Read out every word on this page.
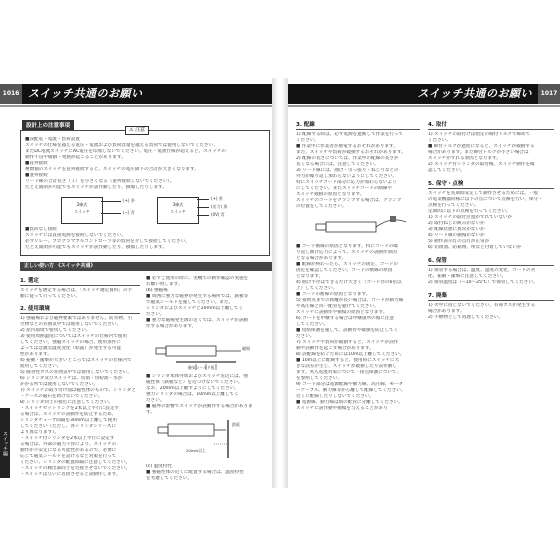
1016 スイッチ共通のお願い
スイッチ編
設計上の注意事項
⚠ 注意
■誤配電・電流・負荷設置
スイッチの仕様を越える電圧・電流および負荷容量を越える負荷では使用しないでください。
またDC電流スイッチにAC電圧を印加しないでください。電圧・電流仕様が超えると、スイッチの
動作不良や破損・発熱が起こることがあります。
■直列接続
複数個のスイッチを直列接続すると、スイッチの電圧降下の合計が大きくなります。
■並列接続
リード線の合計長さ（ミ）を小さくなる（並列接続しないでください）。
たとえ開閉が可能でもスイッチが誤作動したり、損傷したりします。
2線式
スイッチ
(+) 茶
(−) 青
3線式
スイッチ
(+) 茶
(出力) 黒
(0V) 青
■負荷なし接続
スイッチには直接電源を接続しないでください。
必ずリレー、プログラマブルコントローラ等の負荷を介して接続してください。
たとえ開閉が可能でもスイッチが誤作動したり、損傷したりします。
正しい使い方 《スイッチ共通》
1. 選定
スイッチを選定する場合は、「スイッチ選定資料」の手
順に従って行ってください。
2. 使用環境
1) 強磁場および磁界要素ではありません。防水物、引
火物などの雰囲気中では使用しないでください。
2) 屋内環境で使用してください。
3) 使用周囲温度についてはスイッチの仕様内で使用
してください。強磁スイッチの場合、使用条件に
よっては急激な温度変化（結露）が発生する可能
性があります。
4) 振動・衝撃が大きいところではスイッチの仕様内で
使用してください。
5) 腐食性ガスの雰囲気中では使用しないでください。
6) シリンダ及びスイッチは、切削・切粉油・水が
かかる所では使用しないでください。
7) スイッチの取り付け面は磁性体のもので、シリンダと
・ケースの磁石を妨げないでください。
8) シリンダ同士の接近に注意してください。
・スイッチセットリングを2本以上平行に設定す
る場合は、スイッチの誤動作を防止するため、
シリンダチューブ間隔を30mm以上離して使用
してください（ただし、各シリンダシリーズに
より異なります）。
・スイッチ付シリンダを2本以上平行に設定す
る場合は、外部の磁力干渉により、スイッチの
動作が不安定になる可能性があるので、必要に
応じて磁気シールドを設けるなど対策を行って
ください。シリンダの配置間隔に注意してください。
・スイッチの検出部同士を近接させないでください。
・スイッチは互いに近接させると誤動作します。
■ 必ずご使用の際に、実機での動作確認の実施を
お願い致します。
(b) 強磁場
■ 周囲に強力な磁界が発生する場所では、鉄板等
で磁気シールドを施してください。また、
シリンダおよびスイッチと20mm以上離してく
ださい。
■ 強力な磁場発生源の近くでは、スイッチが誤動
作する場合があります。
磁場
磁気シールド板
■ シリンダ本体外周およびスイッチ近辺には、強
磁性体（鉄板など）を近づけないでください。
なお、20mm以上離すようにしてください。
強力シリンダの場合は、10mm以上離してく
ださい。
■ 磁界の影響でスイッチが誤動作する場合がありま
す。
鉄板
20mm以上
(c) 温度特性
■ 強磁性体の近くに配置する場合は、温度特性
を考慮してください。
スイッチ共通のお願い	1017
3. 配線
1) 配線する時は、必ず電源を遮断して作業を行って
ください。
■ 作業中に作業者が感電するおそれがあります。
また、スイッチや負荷が破損するおそれがあります。
2) 配線の長さについては、作業中の配線の長さが
長くなる場合には、注意してください。
3) リード線には、曲げ・引っ張り・ねじりなどの
外力が繰り返し加わらないようにしてください。
特にスイッチコード部分に応力が加わらないよう
にしてください。またスイッチコードの断線や
スイッチ破損の原因となります。
スイッチのコードをクランプする場合は、クランプ
の位置をしてください。
■ コード断線の原因となります。特にコードの繰
り返し曲げ応力によって、スイッチの誤動作原因
となる場合があります。
■ 配線が終わったら、スイッチの固定、コードの
固定を確認してください。コードの断線の原因
となります。
4) 曲げ半径はできるだけ大きく（コード径の6倍以
上）してください。
■ コードの断線の原因となります。
5) 接続先までの距離が長い場合は、コードが動力線
や高圧線と同一配管を避けてください。
スイッチに誤動作や損傷の原因となります。
6) コードを中継する場合は中継箇所の傷に注意
してください。
■ 短絡保護を施して、誤動作や破損を防止してく
ださい。
7) スイッチや負荷が破損すると、スイッチが誤作
動や誤動作を起こす場合があります。
8) 誤配線を防ぐためには10m以上離してください。
■ 10m以上に配線すると、使用時にスイッチに大
きな誤差が生じ、スイッチが破損したり誤作動し
ます。突入電流対策について「接点保護について」
を参照してください。
9) コード部分は電源配線や動力線、高圧線、モータ
ーケーブル、動力線等から離して配線してください。
近くに配線したりしないでください。
■ 電源線、動力線は別の配管に分離してください。
スイッチに誤作動や損傷を与えることがあり
4. 取付
1) スイッチの取付けは指定の締付トルクで締めて
ください。
■ 締付トルクが過度になると、スイッチが破損する
場合があります。また締付トルクが小さい場合は
スイッチがずれる原因となります。
2) スイッチ付シリンダの取付後、スイッチ動作を確
認してください。
5. 保守・点検
スイッチを長期間安定して動作させるためには、一般
の電気機器同様に以下の点について点検を行い、保守・
点検を行ってください。
定期的に以下の点検を行ってください。
1) スイッチの取付位置がずれていないか
2) 取付ねじの緩みがないか
3) 配線状態に異常がないか
4) リード線の損傷がないか
5) 動作表示灯の点灯が正常か
6) 切削油、防錆剤、埃など付着していないか
6. 保管
1) 保管する場合は、温度、湿度の変化、コードの劣
化、振動・衝撃に注意してください。
2) 保管温度は（−10〜25℃）で保管してください。
7. 廃棄
1) 火中に投じないでください。有毒ガスが発生する
場合があります。
2) 不燃物として処理してください。
